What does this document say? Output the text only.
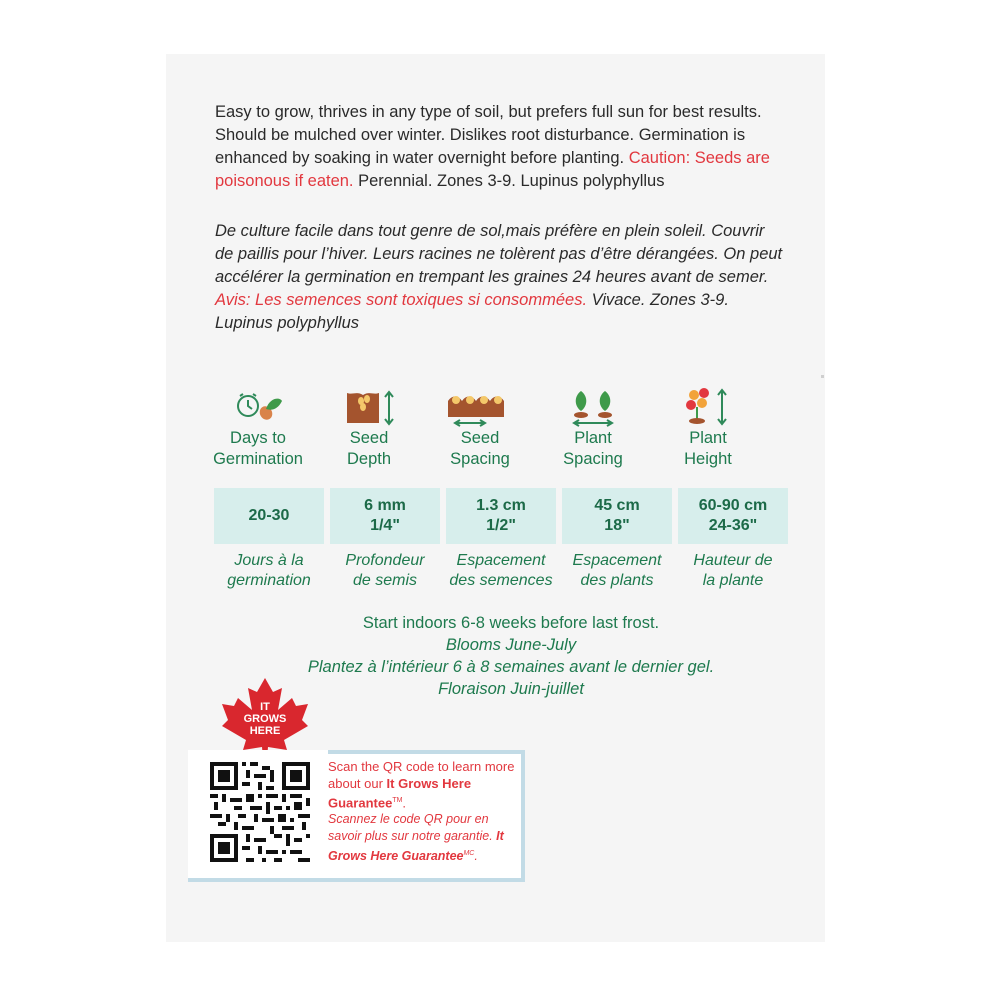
Easy to grow, thrives in any type of soil, but prefers full sun for best results. Should be mulched over winter. Dislikes root disturbance. Germination is enhanced by soaking in water overnight before planting. Caution: Seeds are poisonous if eaten. Perennial. Zones 3-9. Lupinus polyphyllus
De culture facile dans tout genre de sol,mais préfère en plein soleil. Couvrir de paillis pour l’hiver. Leurs racines ne tolèrent pas d’être dérangées. On peut accélérer la germination en trempant les graines 24 heures avant de semer. Avis: Les semences sont toxiques si consommées. Vivace. Zones 3-9. Lupinus polyphyllus
Days to
Germination
Seed
Depth
Seed
Spacing
Plant
Spacing
Plant
Height
20-30
6 mm
1/4"
1.3 cm
1/2"
45 cm
18"
60-90 cm
24-36"
Jours à la
germination
Profondeur
de semis
Espacement
des semences
Espacement
des plants
Hauteur de
la plante
Start indoors 6-8 weeks before last frost.
Blooms June-July
Plantez à l’intérieur 6 à 8 semaines avant le dernier gel.
Floraison Juin-juillet
IT
GROWS
HERE
Scan the QR code to learn more about our It Grows Here Guarantee™.
Scannez le code QR pour en savoir plus sur notre garantie. It Grows Here Guarantee$^{MC}$.
